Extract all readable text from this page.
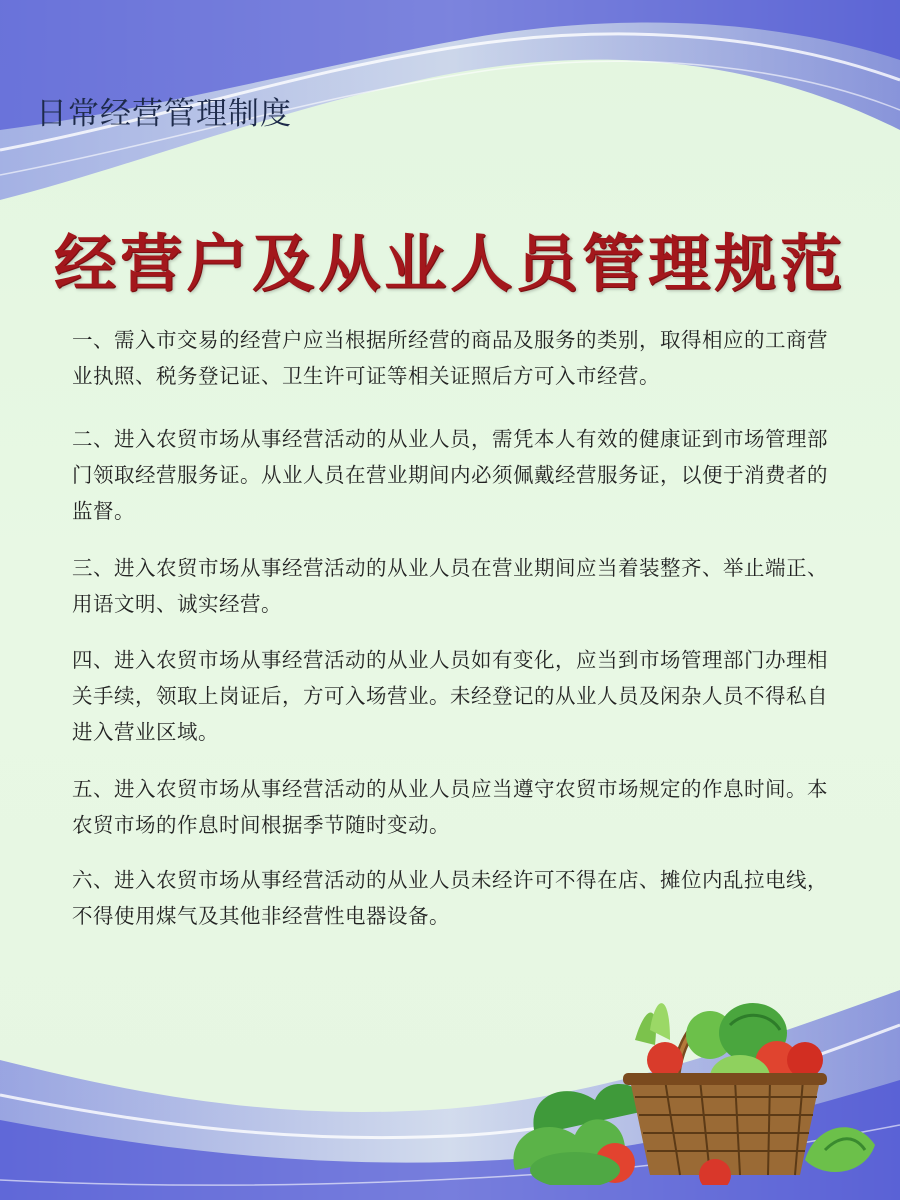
日常经营管理制度
经营户及从业人员管理规范

一、需入市交易的经营户应当根据所经营的商品及服务的类别，取得相应的工商营业执照、税务登记证、卫生许可证等相关证照后方可入市经营。

二、进入农贸市场从事经营活动的从业人员，需凭本人有效的健康证到市场管理部门领取经营服务证。从业人员在营业期间内必须佩戴经营服务证，以便于消费者的监督。

三、进入农贸市场从事经营活动的从业人员在营业期间应当着装整齐、举止端正、用语文明、诚实经营。

四、进入农贸市场从事经营活动的从业人员如有变化，应当到市场管理部门办理相关手续，领取上岗证后，方可入场营业。未经登记的从业人员及闲杂人员不得私自进入营业区域。

五、进入农贸市场从事经营活动的从业人员应当遵守农贸市场规定的作息时间。本农贸市场的作息时间根据季节随时变动。

六、进入农贸市场从事经营活动的从业人员未经许可不得在店、摊位内乱拉电线，不得使用煤气及其他非经营性电器设备。
